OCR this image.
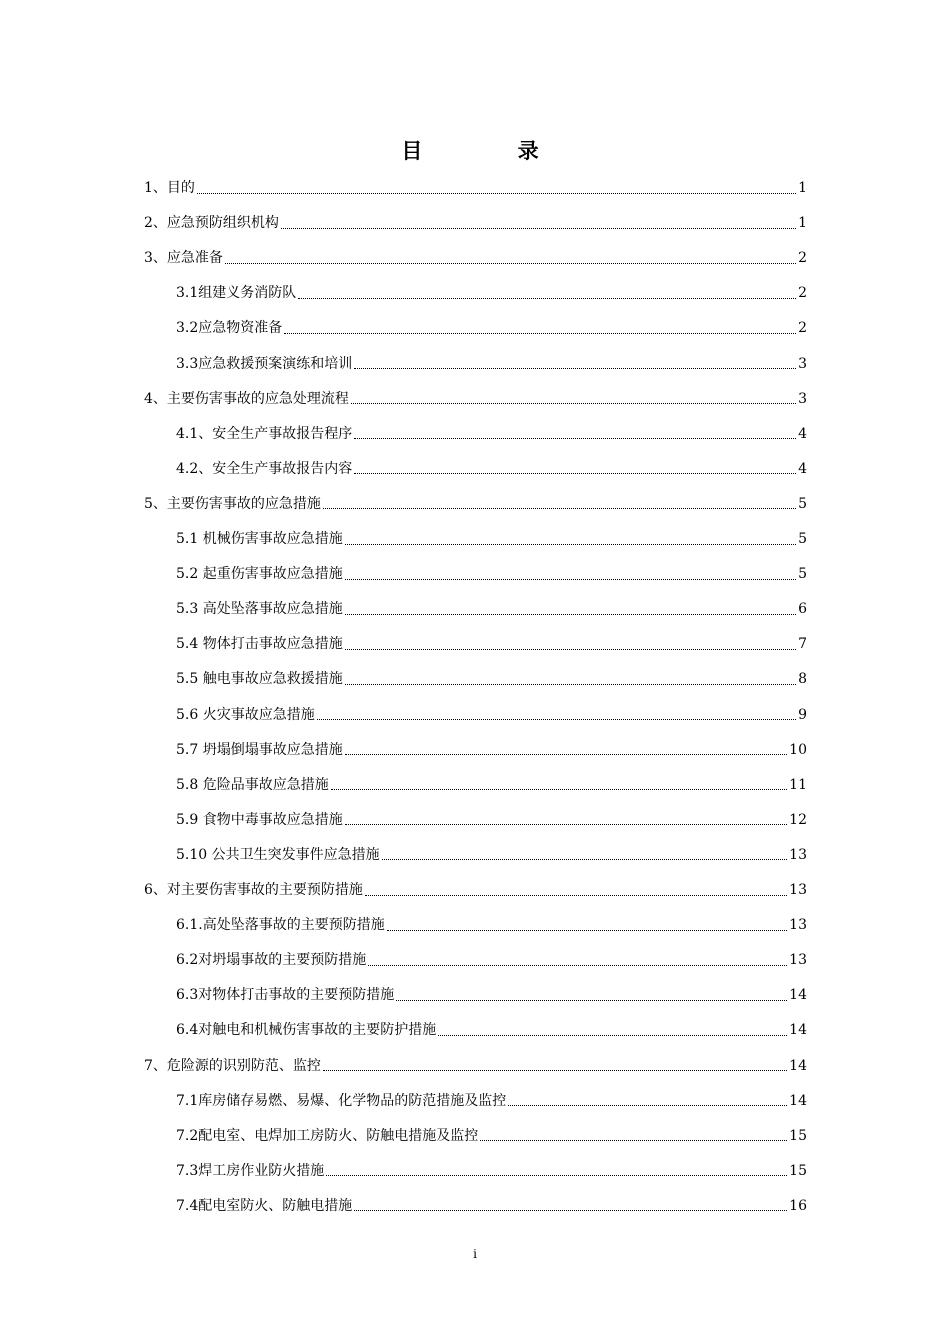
目 录
1、目的	1
2、应急预防组织机构	1
3、应急准备	2
3.1组建义务消防队	2
3.2应急物资准备	2
3.3应急救援预案演练和培训	3
4、主要伤害事故的应急处理流程	3
4.1、安全生产事故报告程序	4
4.2、安全生产事故报告内容	4
5、主要伤害事故的应急措施	5
5.1 机械伤害事故应急措施	5
5.2 起重伤害事故应急措施	5
5.3 高处坠落事故应急措施	6
5.4 物体打击事故应急措施	7
5.5 触电事故应急救援措施	8
5.6 火灾事故应急措施	9
5.7 坍塌倒塌事故应急措施	10
5.8 危险品事故应急措施	11
5.9 食物中毒事故应急措施	12
5.10 公共卫生突发事件应急措施	13
6、对主要伤害事故的主要预防措施	13
6.1.高处坠落事故的主要预防措施	13
6.2对坍塌事故的主要预防措施	13
6.3对物体打击事故的主要预防措施	14
6.4对触电和机械伤害事故的主要防护措施	14
7、危险源的识别防范、监控	14
7.1库房储存易燃、易爆、化学物品的防范措施及监控	14
7.2配电室、电焊加工房防火、防触电措施及监控	15
7.3焊工房作业防火措施	15
7.4配电室防火、防触电措施	16
i
